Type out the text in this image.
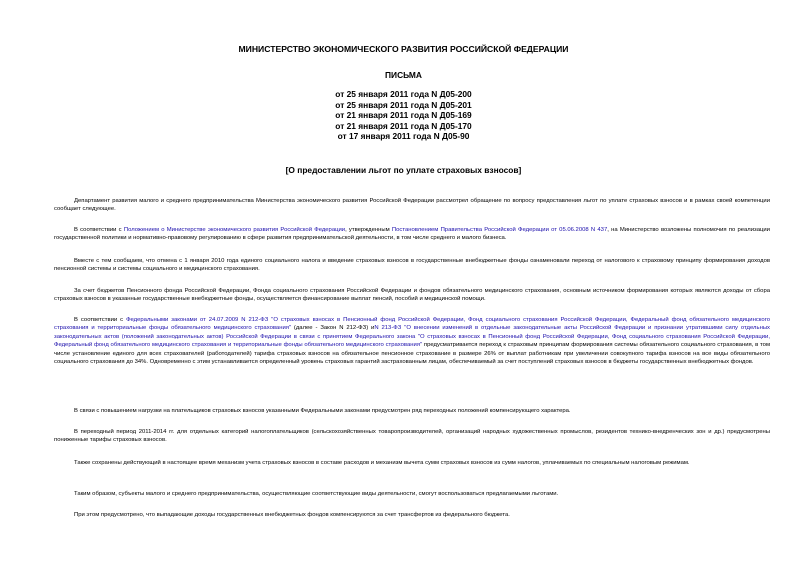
МИНИСТЕРСТВО ЭКОНОМИЧЕСКОГО РАЗВИТИЯ РОССИЙСКОЙ ФЕДЕРАЦИИ
ПИСЬМА
от 25 января 2011 года N Д05-200
от 25 января 2011 года N Д05-201
от 21 января 2011 года N Д05-169
от 21 января 2011 года N Д05-170
от 17 января 2011 года N Д05-90
[О предоставлении льгот по уплате страховых взносов]
Департамент развития малого и среднего предпринимательства Министерства экономического развития Российской Федерации рассмотрел обращение по вопросу предоставления льгот по уплате страховых взносов и в рамках своей компетенции сообщает следующее.
В соответствии с Положением о Министерстве экономического развития Российской Федерации, утвержденным Постановлением Правительства Российской Федерации от 05.06.2008 N 437, на Министерство возложены полномочия по реализации государственной политики и нормативно-правовому регулированию в сфере развития предпринимательской деятельности, в том числе среднего и малого бизнеса.
Вместе с тем сообщаем, что отмена с 1 января 2010 года единого социального налога и введение страховых взносов в государственные внебюджетные фонды ознаменовали переход от налогового к страховому принципу формирования доходов пенсионной системы и системы социального и медицинского страхования.
За счет бюджетов Пенсионного фонда Российской Федерации, Фонда социального страхования Российской Федерации и фондов обязательного медицинского страхования, основным источником формирования которых являются доходы от сбора страховых взносов в указанные государственные внебюджетные фонды, осуществляется финансирование выплат пенсий, пособий и медицинской помощи.
В соответствии с Федеральными законами от 24.07.2009 N 212-ФЗ "О страховых взносах в Пенсионный фонд Российской Федерации, Фонд социального страхования Российской Федерации, Федеральный фонд обязательного медицинского страхования и территориальные фонды обязательного медицинского страхования" (далее - Закон N 212-ФЗ) иN 213-ФЗ "О внесении изменений в отдельные законодательные акты Российской Федерации и признании утратившими силу отдельных законодательных актов (положений законодательных актов) Российской Федерации в связи с принятием Федерального закона "О страховых взносах в Пенсионный фонд Российской Федерации, Фонд социального страхования Российской Федерации, Федеральный фонд обязательного медицинского страхования и территориальные фонды обязательного медицинского страхования" предусматривается переход к страховым принципам формирования системы обязательного социального страхования, в том числе установление единого для всех страхователей (работодателей) тарифа страховых взносов на обязательное пенсионное страхование в размере 26% от выплат работникам при увеличении совокупного тарифа взносов на все виды обязательного социального страхования до 34%. Одновременно с этим устанавливается определенный уровень страховых гарантий застрахованным лицам, обеспечиваемый за счет поступлений страховых взносов в бюджеты государственных внебюджетных фондов.
В связи с повышением нагрузки на плательщиков страховых взносов указанными Федеральными законами предусмотрен ряд переходных положений компенсирующего характера.
В переходный период 2011-2014 гг. для отдельных категорий налогоплательщиков (сельскохозяйственных товаропроизводителей, организаций народных художественных промыслов, резидентов технико-внедренческих зон и др.) предусмотрены пониженные тарифы страховых взносов.
Также сохранены действующий в настоящее время механизм учета страховых взносов в составе расходов и механизм вычета сумм страховых взносов из сумм налогов, уплачиваемых по специальным налоговым режимам.
Таким образом, субъекты малого и среднего предпринимательства, осуществляющие соответствующие виды деятельности, смогут воспользоваться предлагаемыми льготами.
При этом предусмотрено, что выпадающие доходы государственных внебюджетных фондов компенсируются за счет трансфертов из федерального бюджета.
